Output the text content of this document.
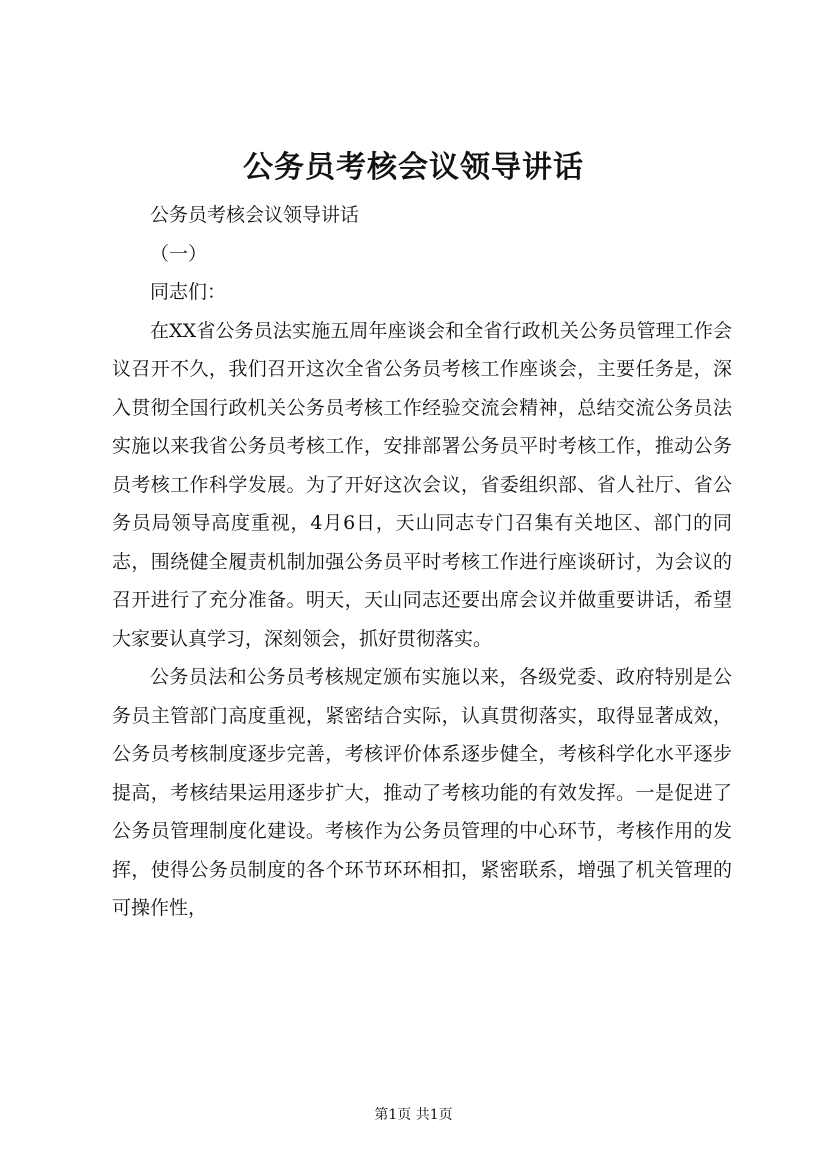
公务员考核会议领导讲话

公务员考核会议领导讲话

（一）

同志们：

在XX省公务员法实施五周年座谈会和全省行政机关公务员管理工作会议召开不久，我们召开这次全省公务员考核工作座谈会，主要任务是，深入贯彻全国行政机关公务员考核工作经验交流会精神，总结交流公务员法实施以来我省公务员考核工作，安排部署公务员平时考核工作，推动公务员考核工作科学发展。为了开好这次会议，省委组织部、省人社厅、省公务员局领导高度重视，4月6日，天山同志专门召集有关地区、部门的同志，围绕健全履责机制加强公务员平时考核工作进行座谈研讨，为会议的召开进行了充分准备。明天，天山同志还要出席会议并做重要讲话，希望大家要认真学习，深刻领会，抓好贯彻落实。

公务员法和公务员考核规定颁布实施以来，各级党委、政府特别是公务员主管部门高度重视，紧密结合实际，认真贯彻落实，取得显著成效，公务员考核制度逐步完善，考核评价体系逐步健全，考核科学化水平逐步提高，考核结果运用逐步扩大，推动了考核功能的有效发挥。一是促进了公务员管理制度化建设。考核作为公务员管理的中心环节，考核作用的发挥，使得公务员制度的各个环节环环相扣，紧密联系，增强了机关管理的可操作性，

第1页 共1页
